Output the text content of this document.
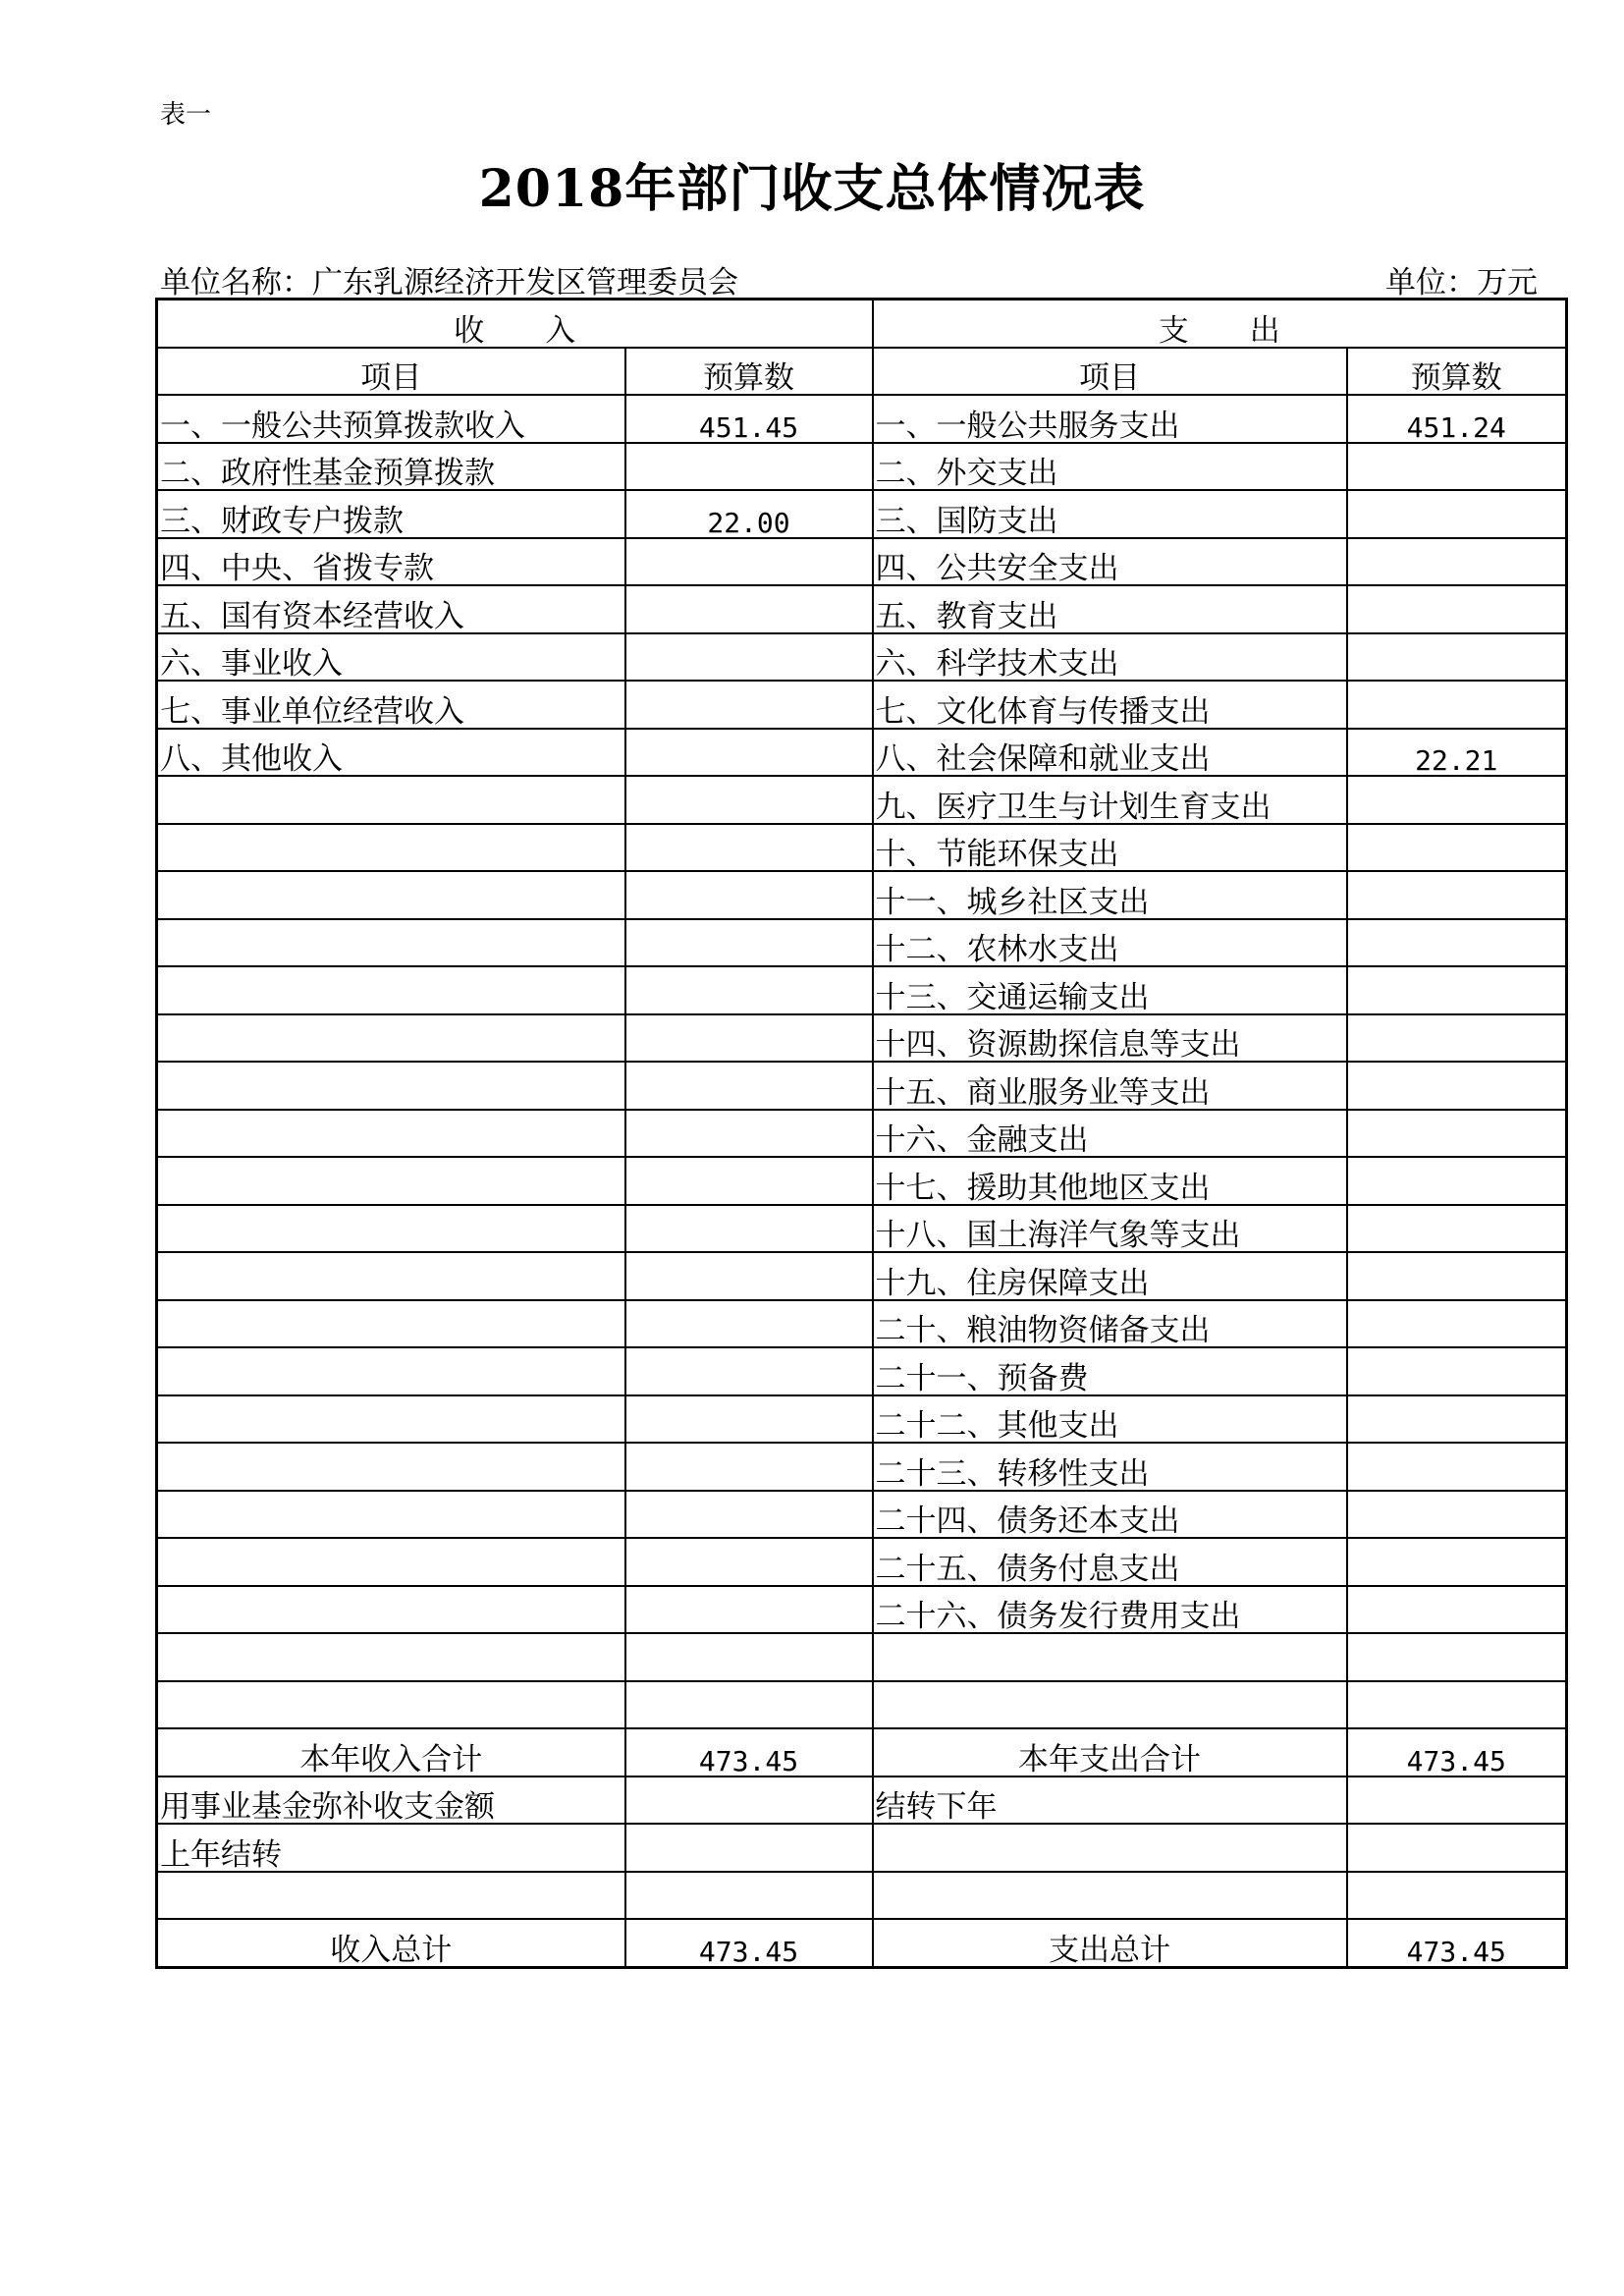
表一
2018年部门收支总体情况表
单位名称：广东乳源经济开发区管理委员会	单位：万元
收　　入		支　　出	
项目	预算数	项目	预算数
一、一般公共预算拨款收入	451.45	一、一般公共服务支出	451.24
二、政府性基金预算拨款		二、外交支出	
三、财政专户拨款	22.00	三、国防支出	
四、中央、省拨专款		四、公共安全支出	
五、国有资本经营收入		五、教育支出	
六、事业收入		六、科学技术支出	
七、事业单位经营收入		七、文化体育与传播支出	
八、其他收入		八、社会保障和就业支出	22.21
		九、医疗卫生与计划生育支出	
		十、节能环保支出	
		十一、城乡社区支出	
		十二、农林水支出	
		十三、交通运输支出	
		十四、资源勘探信息等支出	
		十五、商业服务业等支出	
		十六、金融支出	
		十七、援助其他地区支出	
		十八、国土海洋气象等支出	
		十九、住房保障支出	
		二十、粮油物资储备支出	
		二十一、预备费	
		二十二、其他支出	
		二十三、转移性支出	
		二十四、债务还本支出	
		二十五、债务付息支出	
		二十六、债务发行费用支出	

本年收入合计	473.45	本年支出合计	473.45
用事业基金弥补收支金额		结转下年	
上年结转			

收入总计	473.45	支出总计	473.45
